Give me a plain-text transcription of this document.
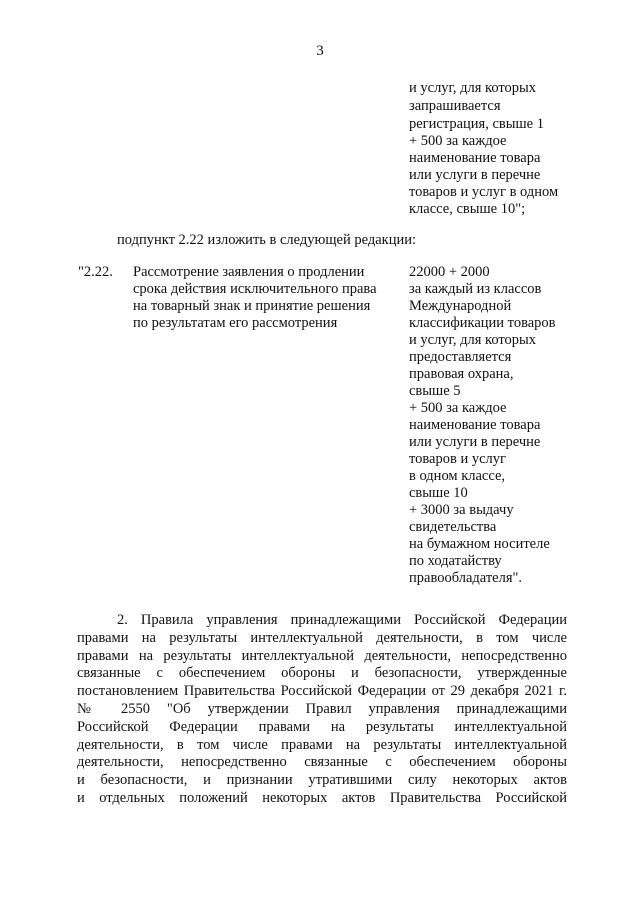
3
и услуг, для которых
запрашивается
регистрация, свыше 1
+ 500 за каждое
наименование товара
или услуги в перечне
товаров и услуг в одном
классе, свыше 10";
подпункт 2.22 изложить в следующей редакции:
"2.22. Рассмотрение заявления о продлении
срока действия исключительного права
на товарный знак и принятие решения
по результатам его рассмотрения
22000 + 2000
за каждый из классов
Международной
классификации товаров
и услуг, для которых
предоставляется
правовая охрана,
свыше 5
+ 500 за каждое
наименование товара
или услуги в перечне
товаров и услуг
в одном классе,
свыше 10
+ 3000 за выдачу
свидетельства
на бумажном носителе
по ходатайству
правообладателя".
2. Правила управления принадлежащими Российской Федерации
правами на результаты интеллектуальной деятельности, в том числе
правами на результаты интеллектуальной деятельности, непосредственно
связанные с обеспечением обороны и безопасности, утвержденные
постановлением Правительства Российской Федерации от 29 декабря 2021 г.
№ 2550 "Об утверждении Правил управления принадлежащими
Российской Федерации правами на результаты интеллектуальной
деятельности, в том числе правами на результаты интеллектуальной
деятельности, непосредственно связанные с обеспечением обороны
и безопасности, и признании утратившими силу некоторых актов
и отдельных положений некоторых актов Правительства Российской
